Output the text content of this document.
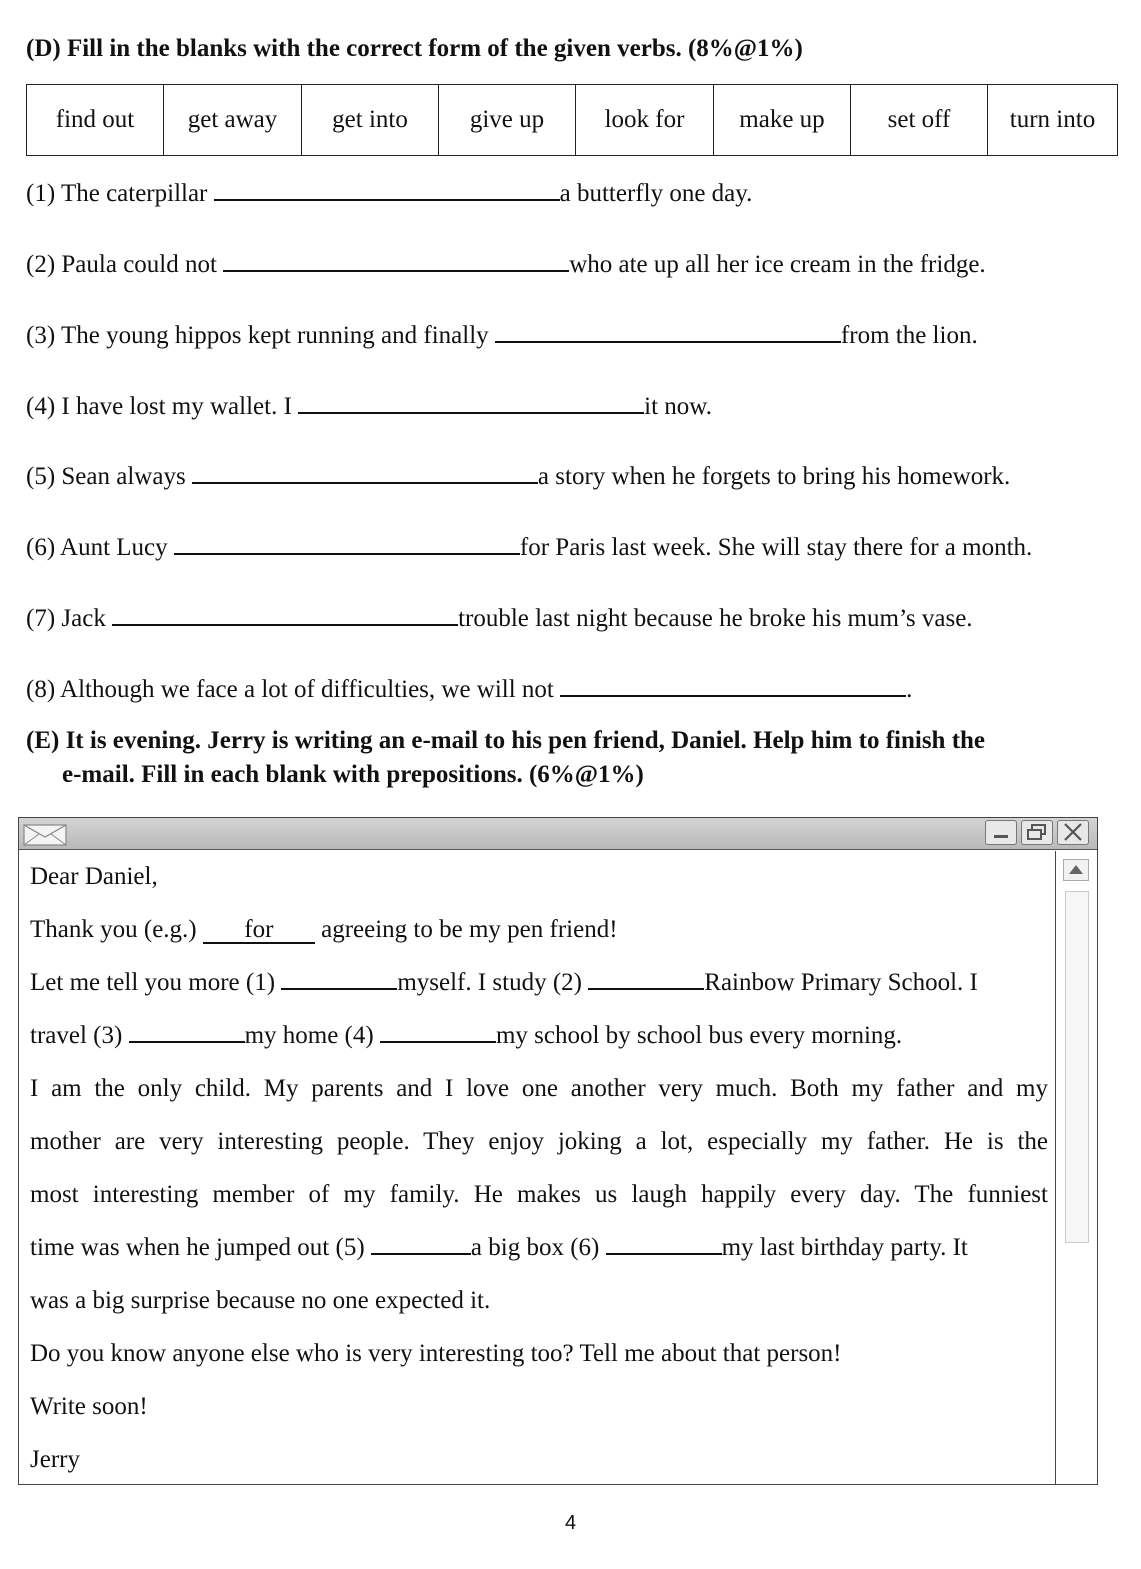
(D) Fill in the blanks with the correct form of the given verbs. (8%@1%)
find out	get away	get into	give up	look for	make up	set off	turn into
(1) The caterpillar	a butterfly one day.
(2) Paula could not	who ate up all her ice cream in the fridge.
(3) The young hippos kept running and finally	from the lion.
(4) I have lost my wallet. I	it now.
(5) Sean always	a story when he forgets to bring his homework.
(6) Aunt Lucy	for Paris last week. She will stay there for a month.
(7) Jack	trouble last night because he broke his mum’s vase.
(8) Although we face a lot of difficulties, we will not	.
(E) It is evening. Jerry is writing an e-mail to his pen friend, Daniel. Help him to finish the
e-mail. Fill in each blank with prepositions. (6%@1%)
Dear Daniel,
Thank you (e.g.) for agreeing to be my pen friend!
Let me tell you more (1)	myself. I study (2)	Rainbow Primary School. I
travel (3)	my home (4)	my school by school bus every morning.
I am the only child. My parents and I love one another very much. Both my father and my
mother are very interesting people. They enjoy joking a lot, especially my father. He is the
most interesting member of my family. He makes us laugh happily every day. The funniest
time was when he jumped out (5)	a big box (6)	my last birthday party. It
was a big surprise because no one expected it.
Do you know anyone else who is very interesting too? Tell me about that person!
Write soon!
Jerry
4
